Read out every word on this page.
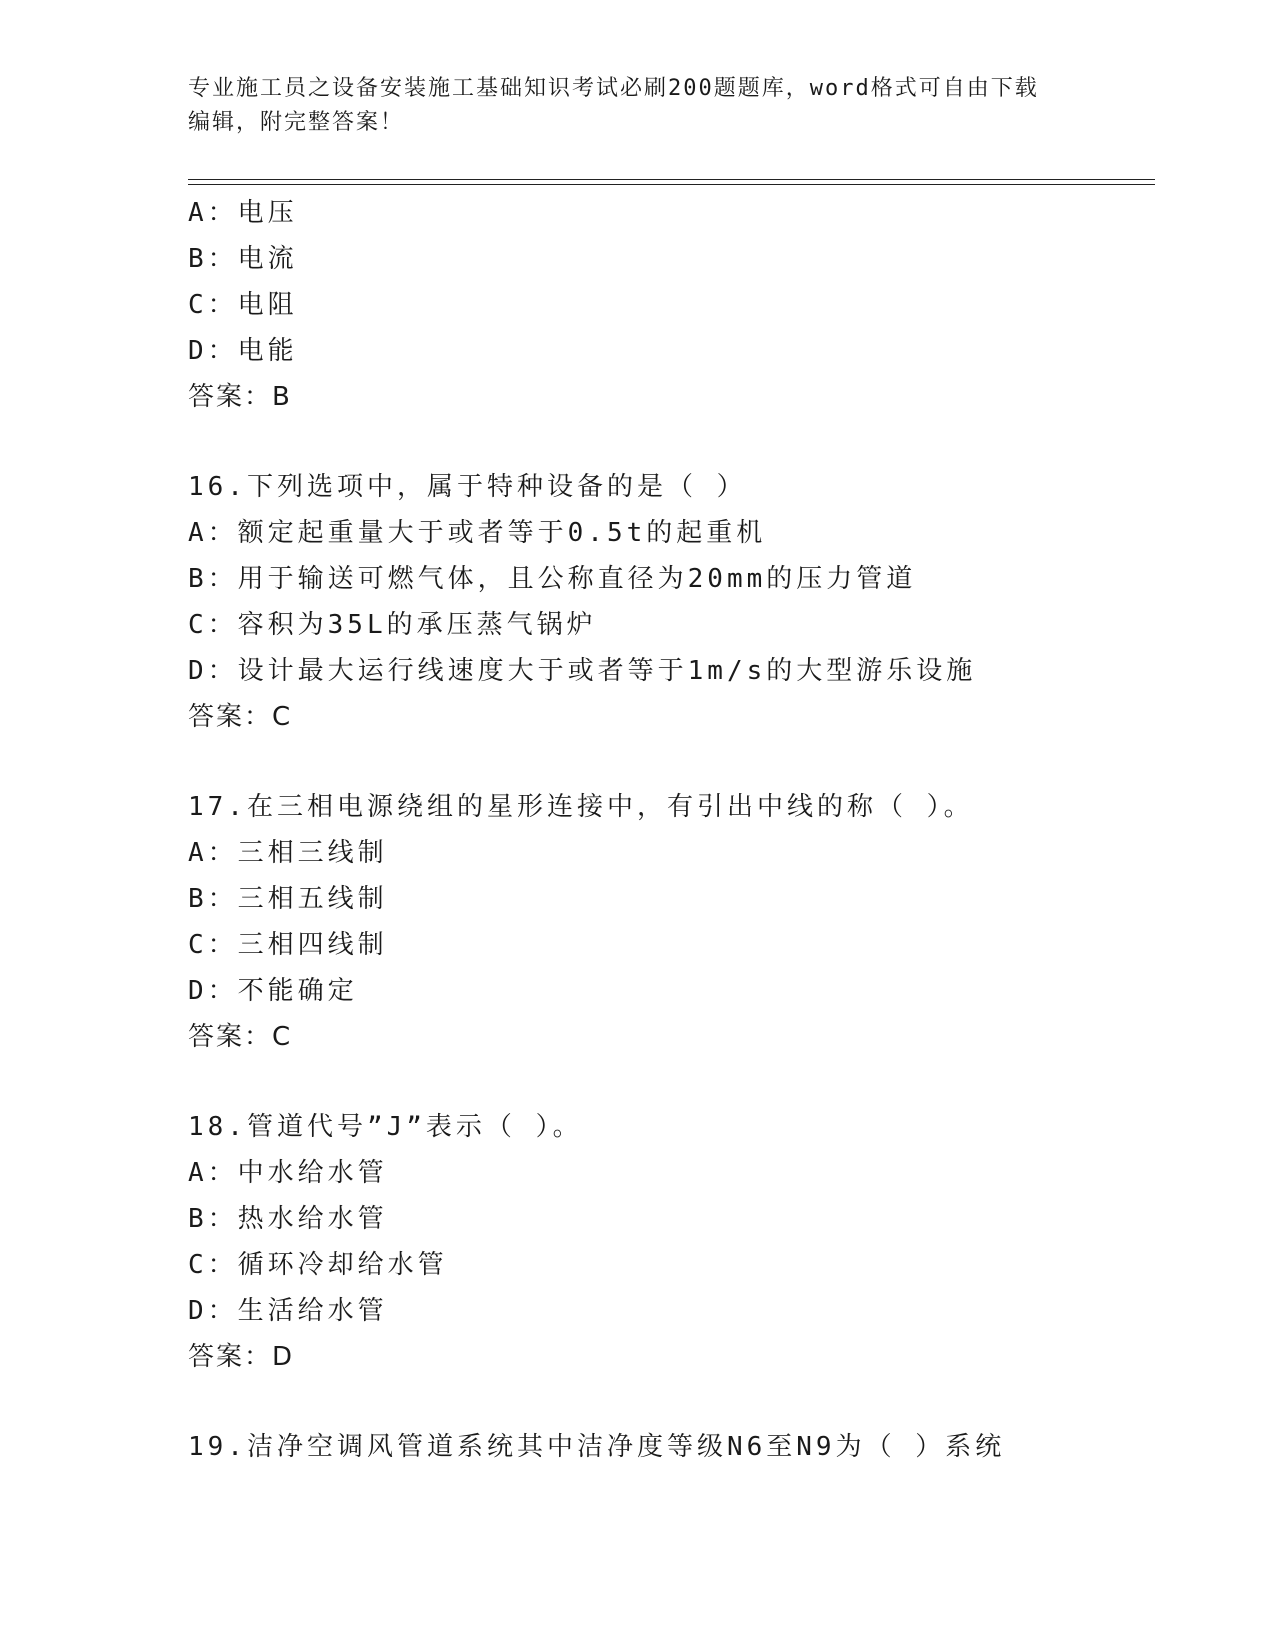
专业施工员之设备安装施工基础知识考试必刷200题题库，word格式可自由下载
编辑，附完整答案！
A：电压
B：电流
C：电阻
D：电能
答案：B
16.下列选项中，属于特种设备的是（ ）
A：额定起重量大于或者等于0.5t的起重机
B：用于输送可燃气体，且公称直径为20mm的压力管道
C：容积为35L的承压蒸气锅炉
D：设计最大运行线速度大于或者等于1m/s的大型游乐设施
答案：C
17.在三相电源绕组的星形连接中，有引出中线的称（ ）。
A：三相三线制
B：三相五线制
C：三相四线制
D：不能确定
答案：C
18.管道代号”J”表示（ ）。
A：中水给水管
B：热水给水管
C：循环冷却给水管
D：生活给水管
答案：D
19.洁净空调风管道系统其中洁净度等级N6至N9为（ ）系统
